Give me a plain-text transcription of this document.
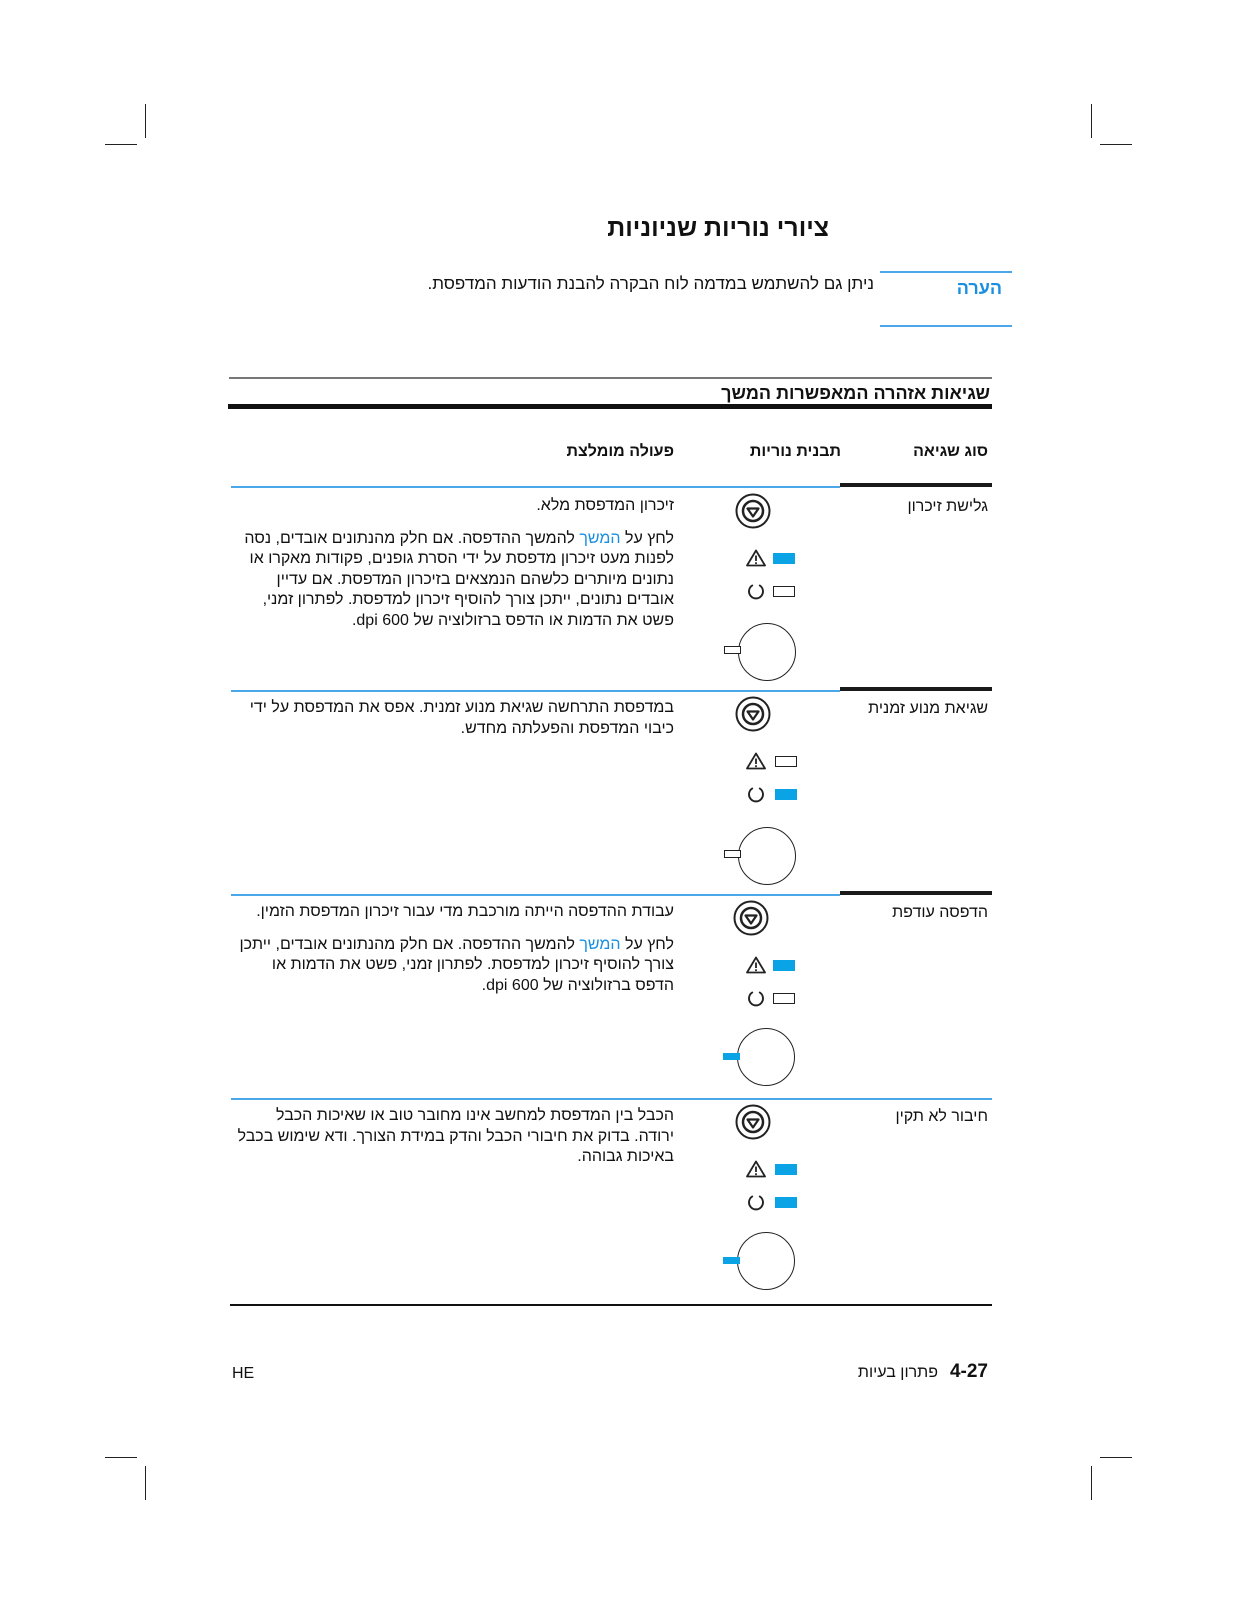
ציורי נוריות שניוניות
הערה
ניתן גם להשתמש במדמה לוח הבקרה להבנת הודעות המדפסת.
שגיאות אזהרה המאפשרות המשך
סוג שגיאה
תבנית נוריות
פעולה מומלצת
גלישת זיכרון

זיכרון המדפסת מלא.

לחץ על המשך להמשך ההדפסה. אם חלק מהנתונים אובדים, נסה לפנות מעט זיכרון מדפסת על ידי הסרת גופנים, פקודות מאקרו או נתונים מיותרים כלשהם הנמצאים בזיכרון המדפסת. אם עדיין אובדים נתונים, ייתכן צורך להוסיף זיכרון למדפסת. לפתרון זמני, פשט את הדמות או הדפס ברזולוציה של 600 dpi.

שגיאת מנוע זמנית

במדפסת התרחשה שגיאת מנוע זמנית. אפס את המדפסת על ידי כיבוי המדפסת והפעלתה מחדש.

הדפסה עודפת

עבודת ההדפסה הייתה מורכבת מדי עבור זיכרון המדפסת הזמין.

לחץ על המשך להמשך ההדפסה. אם חלק מהנתונים אובדים, ייתכן צורך להוסיף זיכרון למדפסת. לפתרון זמני, פשט את הדמות או הדפס ברזולוציה של 600 dpi.

חיבור לא תקין

הכבל בין המדפסת למחשב אינו מחובר טוב או שאיכות הכבל ירודה. בדוק את חיבורי הכבל והדק במידת הצורך. ודא שימוש בכבל באיכות גבוהה.

HE	4-27פתרון בעיות
